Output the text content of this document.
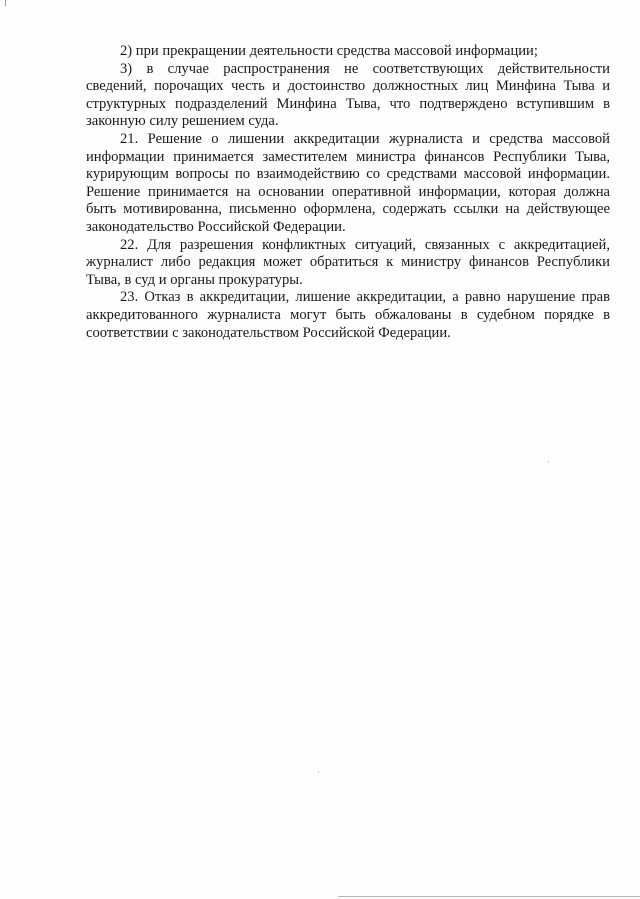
2) при прекращении деятельности средства массовой информации;

3) в случае распространения не соответствующих действительности сведений, порочащих честь и достоинство должностных лиц Минфина Тыва и структурных подразделений Минфина Тыва, что подтверждено вступившим в законную силу решением суда.

21. Решение о лишении аккредитации журналиста и средства массовой информации принимается заместителем министра финансов Республики Тыва, курирующим вопросы по взаимодействию со средствами массовой информации. Решение принимается на основании оперативной информации, которая должна быть мотивированна, письменно оформлена, содержать ссылки на действующее законодательство Российской Федерации.

22. Для разрешения конфликтных ситуаций, связанных с аккредитацией, журналист либо редакция может обратиться к министру финансов Республики Тыва, в суд и органы прокуратуры.

23. Отказ в аккредитации, лишение аккредитации, а равно нарушение прав аккредитованного журналиста могут быть обжалованы в судебном порядке в соответствии с законодательством Российской Федерации.
